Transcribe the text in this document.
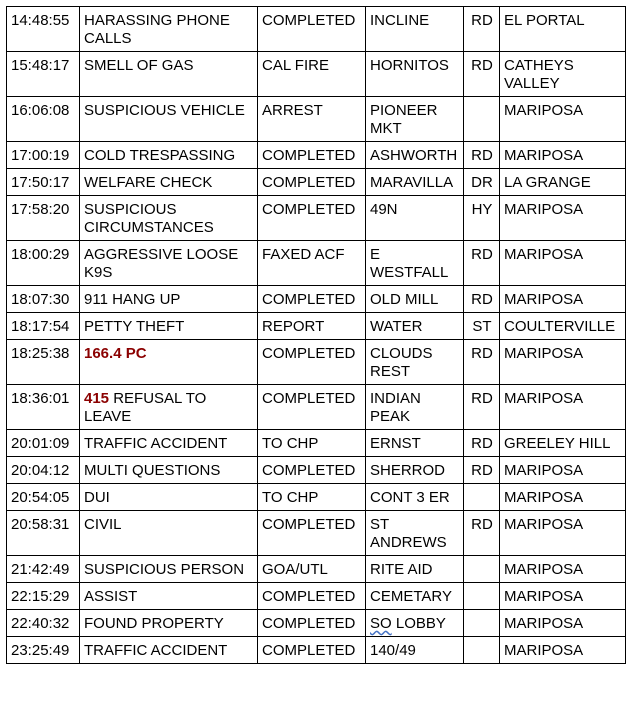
14:48:55	HARASSING PHONE CALLS	COMPLETED	INCLINE	RD	EL PORTAL
15:48:17	SMELL OF GAS	CAL FIRE	HORNITOS	RD	CATHEYS VALLEY
16:06:08	SUSPICIOUS VEHICLE	ARREST	PIONEER MKT		MARIPOSA
17:00:19	COLD TRESPASSING	COMPLETED	ASHWORTH	RD	MARIPOSA
17:50:17	WELFARE CHECK	COMPLETED	MARAVILLA	DR	LA GRANGE
17:58:20	SUSPICIOUS CIRCUMSTANCES	COMPLETED	49N	HY	MARIPOSA
18:00:29	AGGRESSIVE LOOSE K9S	FAXED ACF	E WESTFALL	RD	MARIPOSA
18:07:30	911 HANG UP	COMPLETED	OLD MILL	RD	MARIPOSA
18:17:54	PETTY THEFT	REPORT	WATER	ST	COULTERVILLE
18:25:38	166.4 PC	COMPLETED	CLOUDS REST	RD	MARIPOSA
18:36:01	415 REFUSAL TO LEAVE	COMPLETED	INDIAN PEAK	RD	MARIPOSA
20:01:09	TRAFFIC ACCIDENT	TO CHP	ERNST	RD	GREELEY HILL
20:04:12	MULTI QUESTIONS	COMPLETED	SHERROD	RD	MARIPOSA
20:54:05	DUI	TO CHP	CONT 3 ER		MARIPOSA
20:58:31	CIVIL	COMPLETED	ST ANDREWS	RD	MARIPOSA
21:42:49	SUSPICIOUS PERSON	GOA/UTL	RITE AID		MARIPOSA
22:15:29	ASSIST	COMPLETED	CEMETARY		MARIPOSA
22:40:32	FOUND PROPERTY	COMPLETED	SO LOBBY		MARIPOSA
23:25:49	TRAFFIC ACCIDENT	COMPLETED	140/49		MARIPOSA
